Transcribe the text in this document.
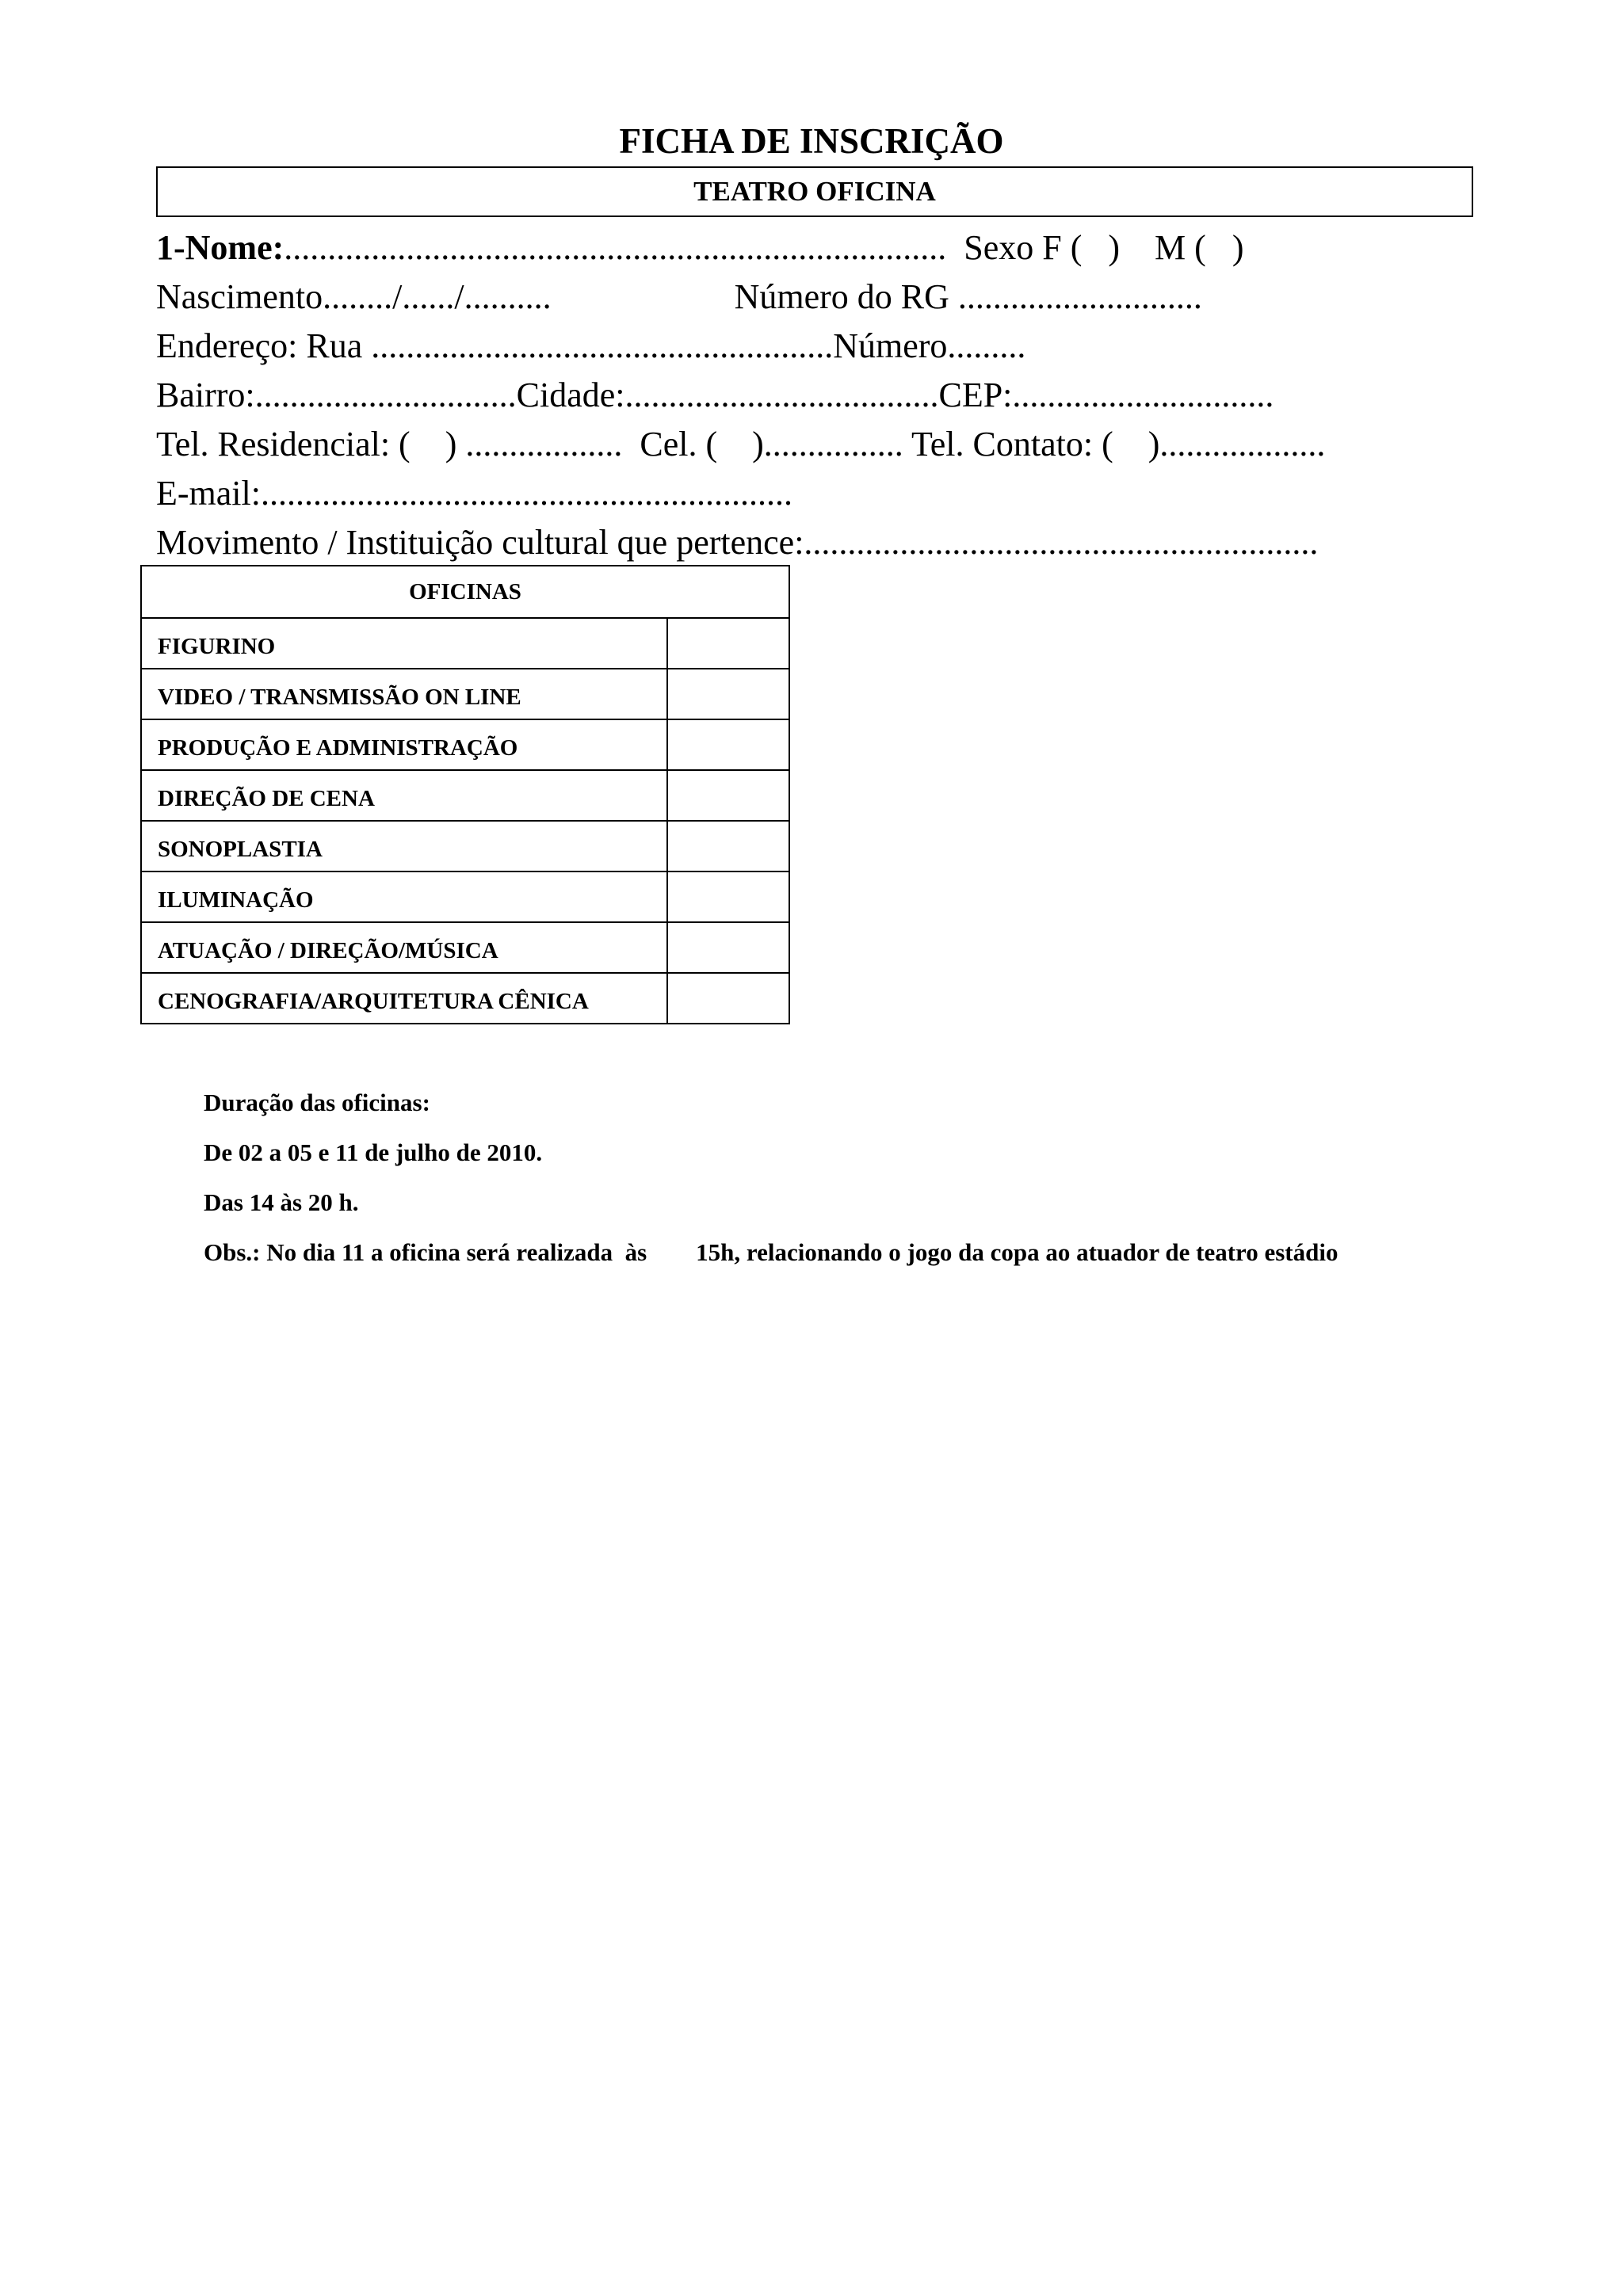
FICHA DE INSCRIÇÃO
TEATRO OFICINA
1-Nome:............................................................................  Sexo F (   )    M (   )
Nascimento......../....../..........                     Número do RG ............................
Endereço: Rua .....................................................Número.........
Bairro:..............................Cidade:....................................CEP:..............................
Tel. Residencial: (    ) ..................  Cel. (    )................ Tel. Contato: (    )...................
E-mail:.............................................................
Movimento / Instituição cultural que pertence:...........................................................
OFICINAS	
FIGURINO	
VIDEO / TRANSMISSÃO ON LINE	
PRODUÇÃO E ADMINISTRAÇÃO	
DIREÇÃO DE CENA	
SONOPLASTIA	
ILUMINAÇÃO	
ATUAÇÃO / DIREÇÃO/MÚSICA	
CENOGRAFIA/ARQUITETURA CÊNICA	
Duração das oficinas:
De 02 a 05 e 11 de julho de 2010.
Das 14 às 20 h.
Obs.: No dia 11 a oficina será realizada  às        15h, relacionando o jogo da copa ao atuador de teatro estádio
